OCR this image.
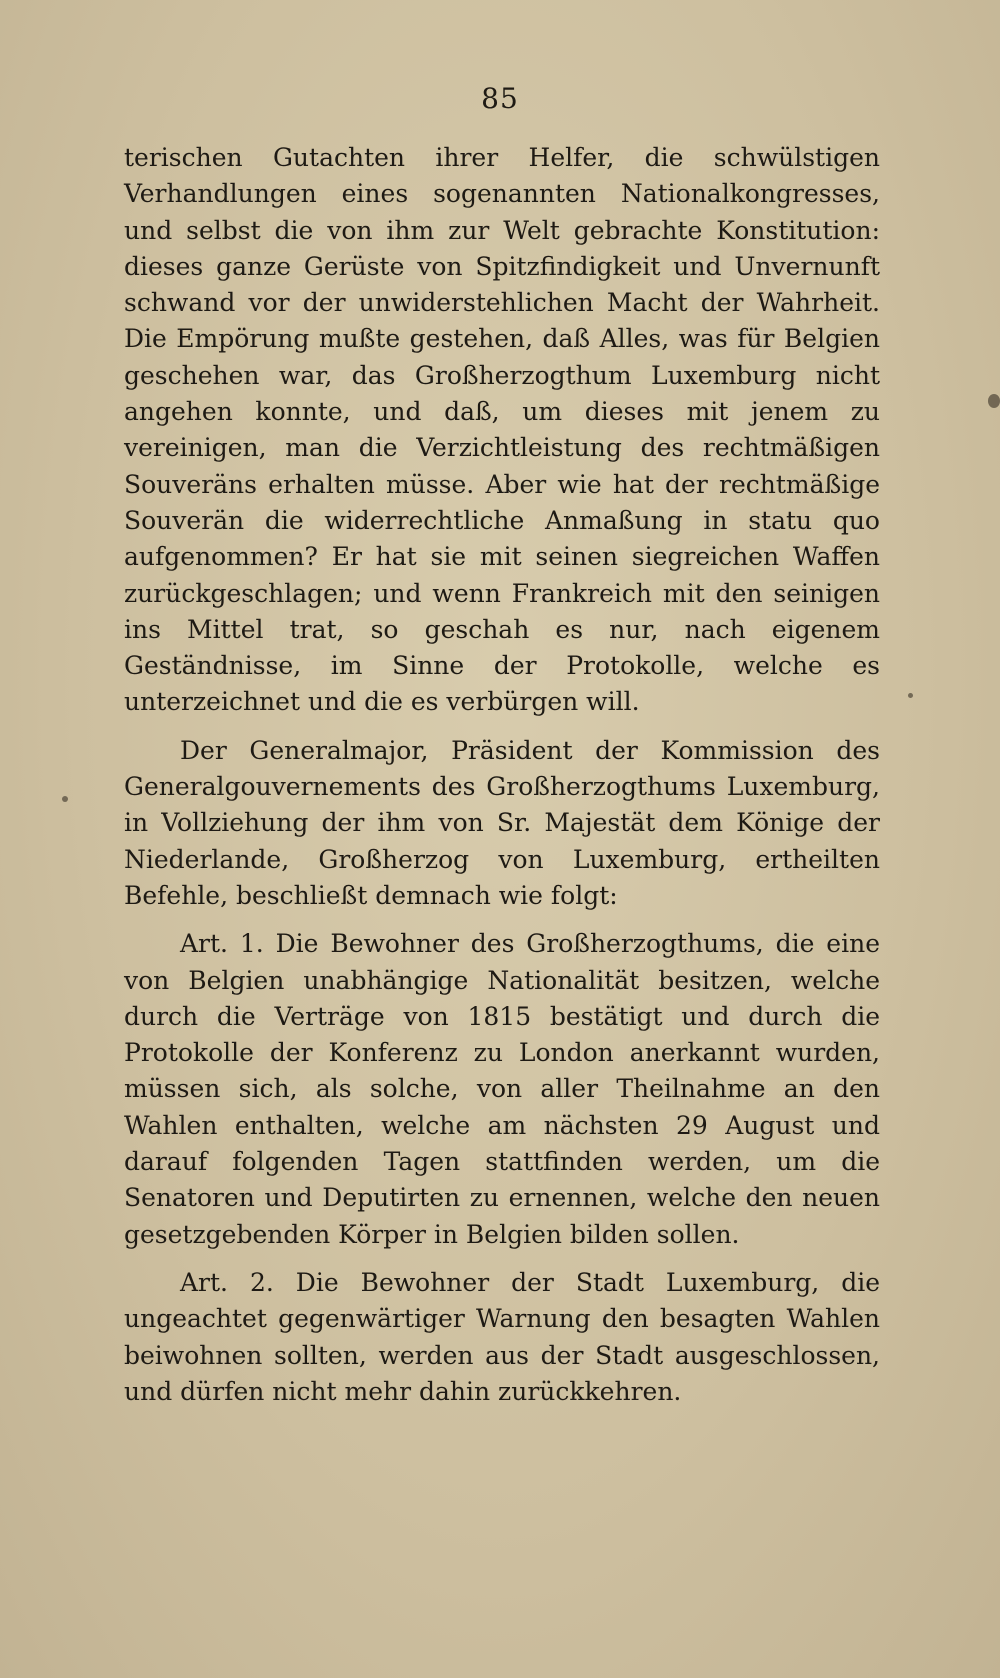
85

terischen Gutachten ihrer Helfer, die schwülstigen Verhandlungen eines sogenannten Nationalkongresses, und selbst die von ihm zur Welt gebrachte Konstitution: dieses ganze Gerüste von Spitzfindigkeit und Unvernunft schwand vor der unwiderstehlichen Macht der Wahrheit. Die Empörung mußte gestehen, daß Alles, was für Belgien geschehen war, das Großherzogthum Luxemburg nicht angehen konnte, und daß, um dieses mit jenem zu vereinigen, man die Verzichtleistung des rechtmäßigen Souveräns erhalten müsse. Aber wie hat der rechtmäßige Souverän die widerrechtliche Anmaßung in statu quo aufgenommen? Er hat sie mit seinen siegreichen Waffen zurückgeschlagen; und wenn Frankreich mit den seinigen ins Mittel trat, so geschah es nur, nach eigenem Geständnisse, im Sinne der Protokolle, welche es unterzeichnet und die es verbürgen will.

Der Generalmajor, Präsident der Kommission des Generalgouvernements des Großherzogthums Luxemburg, in Vollziehung der ihm von Sr. Majestät dem Könige der Niederlande, Großherzog von Luxemburg, ertheilten Befehle, beschließt demnach wie folgt:

Art. 1. Die Bewohner des Großherzogthums, die eine von Belgien unabhängige Nationalität besitzen, welche durch die Verträge von 1815 bestätigt und durch die Protokolle der Konferenz zu London anerkannt wurden, müssen sich, als solche, von aller Theilnahme an den Wahlen enthalten, welche am nächsten 29 August und darauf folgenden Tagen stattfinden werden, um die Senatoren und Deputirten zu ernennen, welche den neuen gesetzgebenden Körper in Belgien bilden sollen.

Art. 2. Die Bewohner der Stadt Luxemburg, die ungeachtet gegenwärtiger Warnung den besagten Wahlen beiwohnen sollten, werden aus der Stadt ausgeschlossen, und dürfen nicht mehr dahin zurückkehren.
